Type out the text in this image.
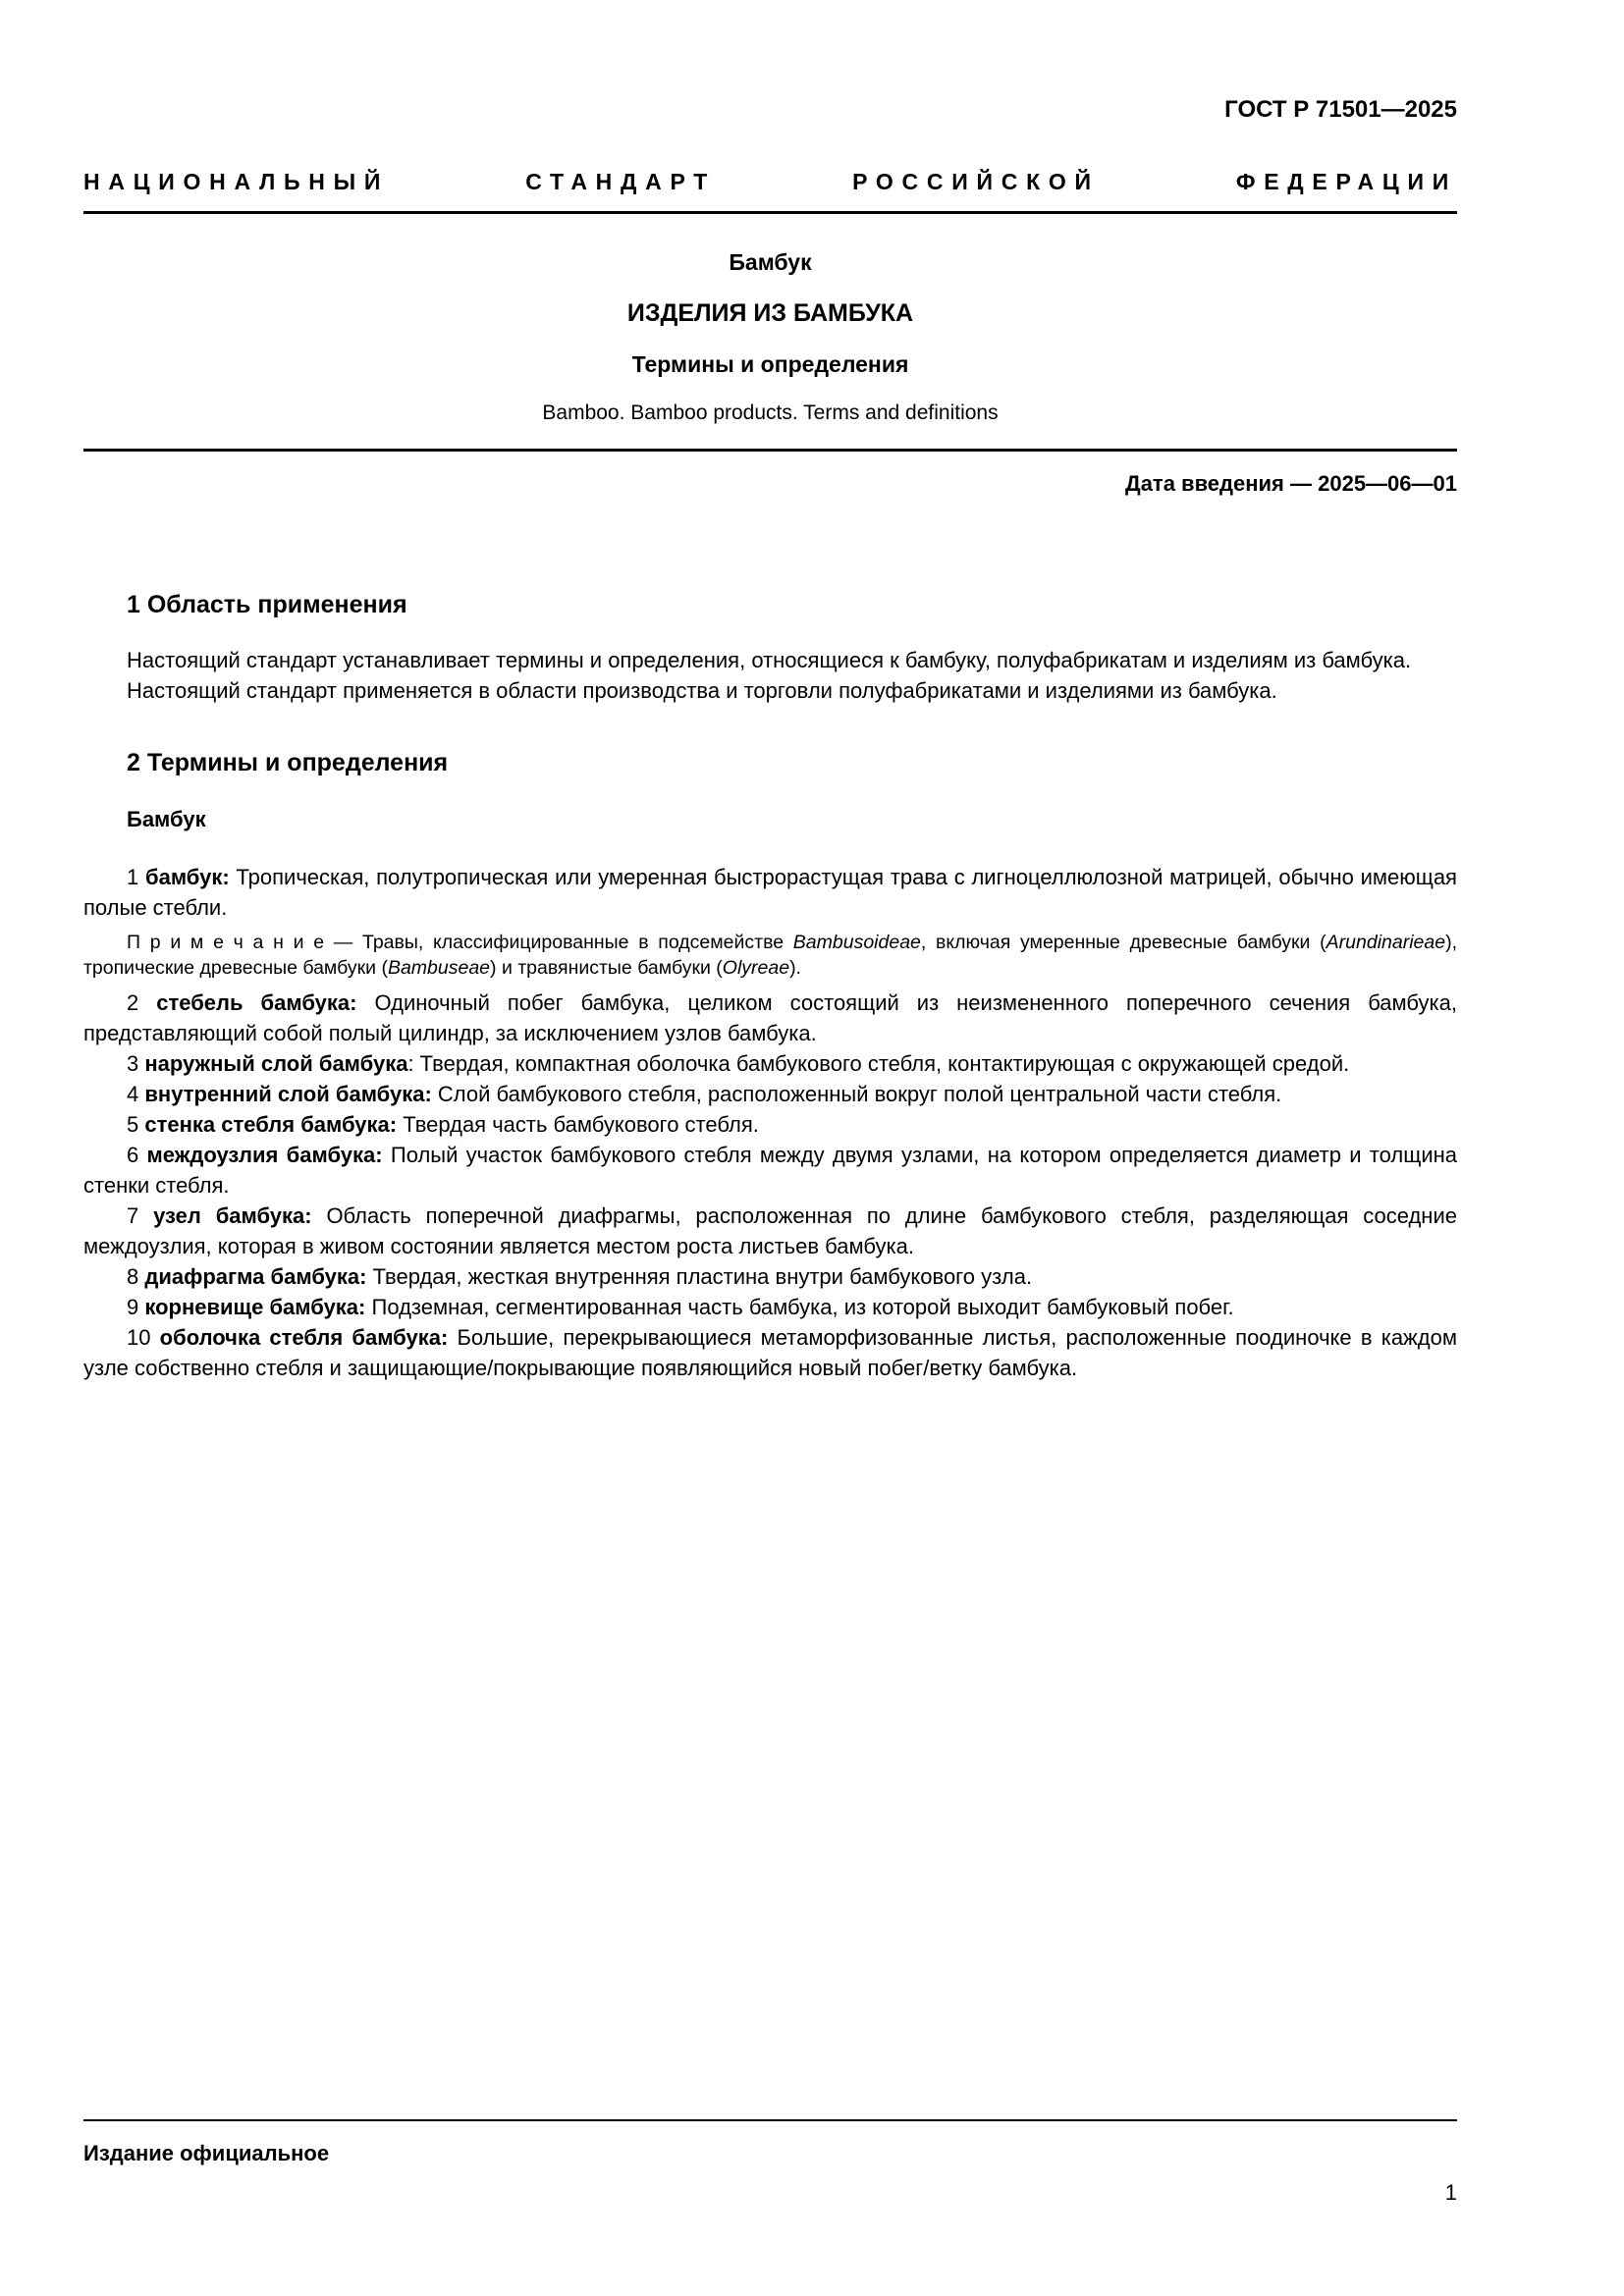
ГОСТ Р 71501—2025
НАЦИОНАЛЬНЫЙ СТАНДАРТ РОССИЙСКОЙ ФЕДЕРАЦИИ
Бамбук
ИЗДЕЛИЯ ИЗ БАМБУКА
Термины и определения
Bamboo. Bamboo products. Terms and definitions
Дата введения — 2025—06—01
1 Область применения

Настоящий стандарт устанавливает термины и определения, относящиеся к бамбуку, полуфабрикатам и изделиям из бамбука.

Настоящий стандарт применяется в области производства и торговли полуфабрикатами и изделиями из бамбука.

2 Термины и определения
Бамбук

1 бамбук: Тропическая, полутропическая или умеренная быстрорастущая трава с лигноцеллюлозной матрицей, обычно имеющая полые стебли.

П р и м е ч а н и е — Травы, классифицированные в подсемействе Bambusoideae, включая умеренные древесные бамбуки (Arundinarieae), тропические древесные бамбуки (Bambuseae) и травянистые бамбуки (Olyreae).

2 стебель бамбука: Одиночный побег бамбука, целиком состоящий из неизмененного поперечного сечения бамбука, представляющий собой полый цилиндр, за исключением узлов бамбука.

3 наружный слой бамбука: Твердая, компактная оболочка бамбукового стебля, контактирующая с окружающей средой.

4 внутренний слой бамбука: Слой бамбукового стебля, расположенный вокруг полой центральной части стебля.

5 стенка стебля бамбука: Твердая часть бамбукового стебля.

6 междоузлия бамбука: Полый участок бамбукового стебля между двумя узлами, на котором определяется диаметр и толщина стенки стебля.

7 узел бамбука: Область поперечной диафрагмы, расположенная по длине бамбукового стебля, разделяющая соседние междоузлия, которая в живом состоянии является местом роста листьев бамбука.

8 диафрагма бамбука: Твердая, жесткая внутренняя пластина внутри бамбукового узла.

9 корневище бамбука: Подземная, сегментированная часть бамбука, из которой выходит бамбуковый побег.

10 оболочка стебля бамбука: Большие, перекрывающиеся метаморфизованные листья, расположенные поодиночке в каждом узле собственно стебля и защищающие/покрывающие появляющийся новый побег/ветку бамбука.

Издание официальное
1
